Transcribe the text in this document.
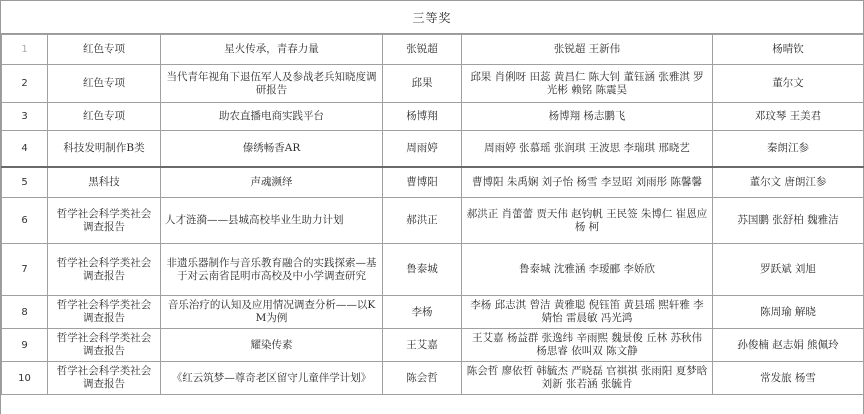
三等奖
1	红色专项	星火传承，青春力量	张锐超	张锐超 王新伟	杨晴钦
2	红色专项	当代青年视角下退伍军人及参战老兵知晓度调研报告	邱果	邱果 肖俐呀 田蕊 黄昌仁 陈大钊 董钰涵 张雅淇 罗光彬 赖铭 陈震昊	董尔文
3	红色专项	助农直播电商实践平台	杨博翔	杨博翔 杨志鹏飞	邓玟琴 王美君
4	科技发明制作B类	傣绣畅香AR	周雨婷	周雨婷 张慕瑶 张润琪 王波思 李瑞琪 邢晓艺	秦朗江参
5	黑科技	声魂濒绎	曹博阳	曹博阳 朱禹娴 刘子怡 杨雪 李昱昭 刘雨彤 陈馨馨	董尔文 唐朗江参
6	哲学社会科学类社会调查报告	人才涟漪——县城高校毕业生助力计划	郝洪正	郝洪正 肖蕾蕾 贾天伟 赵钧帆 王民签 朱博仁 崔恩应 杨 柯	苏国鹏 张舒柏 魏雅洁
7	哲学社会科学类社会调查报告	非遗乐器制作与音乐教育融合的实践探索—基于对云南省昆明市高校及中小学调查研究	鲁泰城	鲁泰城 沈雅涵 李瑷郦 李娇欣	罗跃斌 刘旭
8	哲学社会科学类社会调查报告	音乐治疗的认知及应用情况调查分析——以KM为例	李杨	李杨 邱志淇 曾洁 黄雅聪 倪钰笛 黄县瑶 熙轩雅 李婧怡 雷晨敏 冯光鸿	陈周瑜 解晓
9	哲学社会科学类社会调查报告	耀染传素	王艾嘉	王艾嘉 杨益群 张逸纬 辛雨熙 魏景俊 丘林 苏秋伟 杨思睿 依叫双 陈文静	孙俊楠 赵志娟 熊佩玲
10	哲学社会科学类社会调查报告	《红云筑梦—尊奇老区留守儿童伴学计划》	陈会哲	陈会哲 廖依哲 韩毓杰 严晓磊 官祺祺 张雨阳 夏梦晗 刘新 张若涵 张毓肯	常发旅 杨雪
